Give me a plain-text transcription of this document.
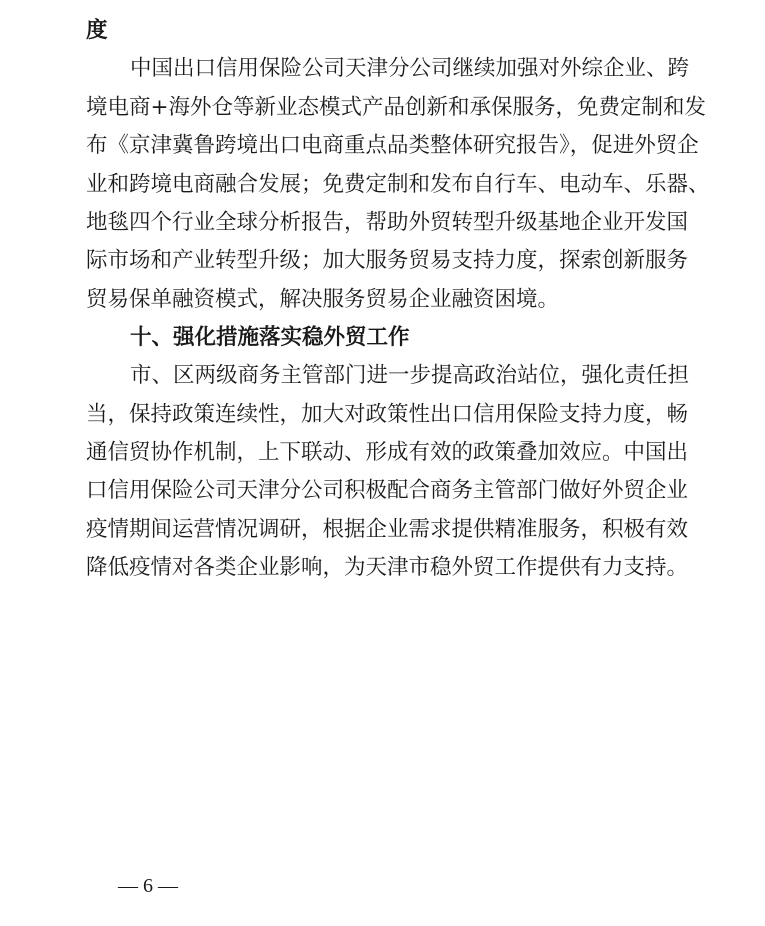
度
中国出口信用保险公司天津分公司继续加强对外综企业、跨
境电商+海外仓等新业态模式产品创新和承保服务，免费定制和发
布《京津冀鲁跨境出口电商重点品类整体研究报告》，促进外贸企
业和跨境电商融合发展；免费定制和发布自行车、电动车、乐器、
地毯四个行业全球分析报告，帮助外贸转型升级基地企业开发国
际市场和产业转型升级；加大服务贸易支持力度，探索创新服务
贸易保单融资模式，解决服务贸易企业融资困境。
十、强化措施落实稳外贸工作
市、区两级商务主管部门进一步提高政治站位，强化责任担
当，保持政策连续性，加大对政策性出口信用保险支持力度，畅
通信贸协作机制，上下联动、形成有效的政策叠加效应。中国出
口信用保险公司天津分公司积极配合商务主管部门做好外贸企业
疫情期间运营情况调研，根据企业需求提供精准服务，积极有效
降低疫情对各类企业影响，为天津市稳外贸工作提供有力支持。
— 6 —
